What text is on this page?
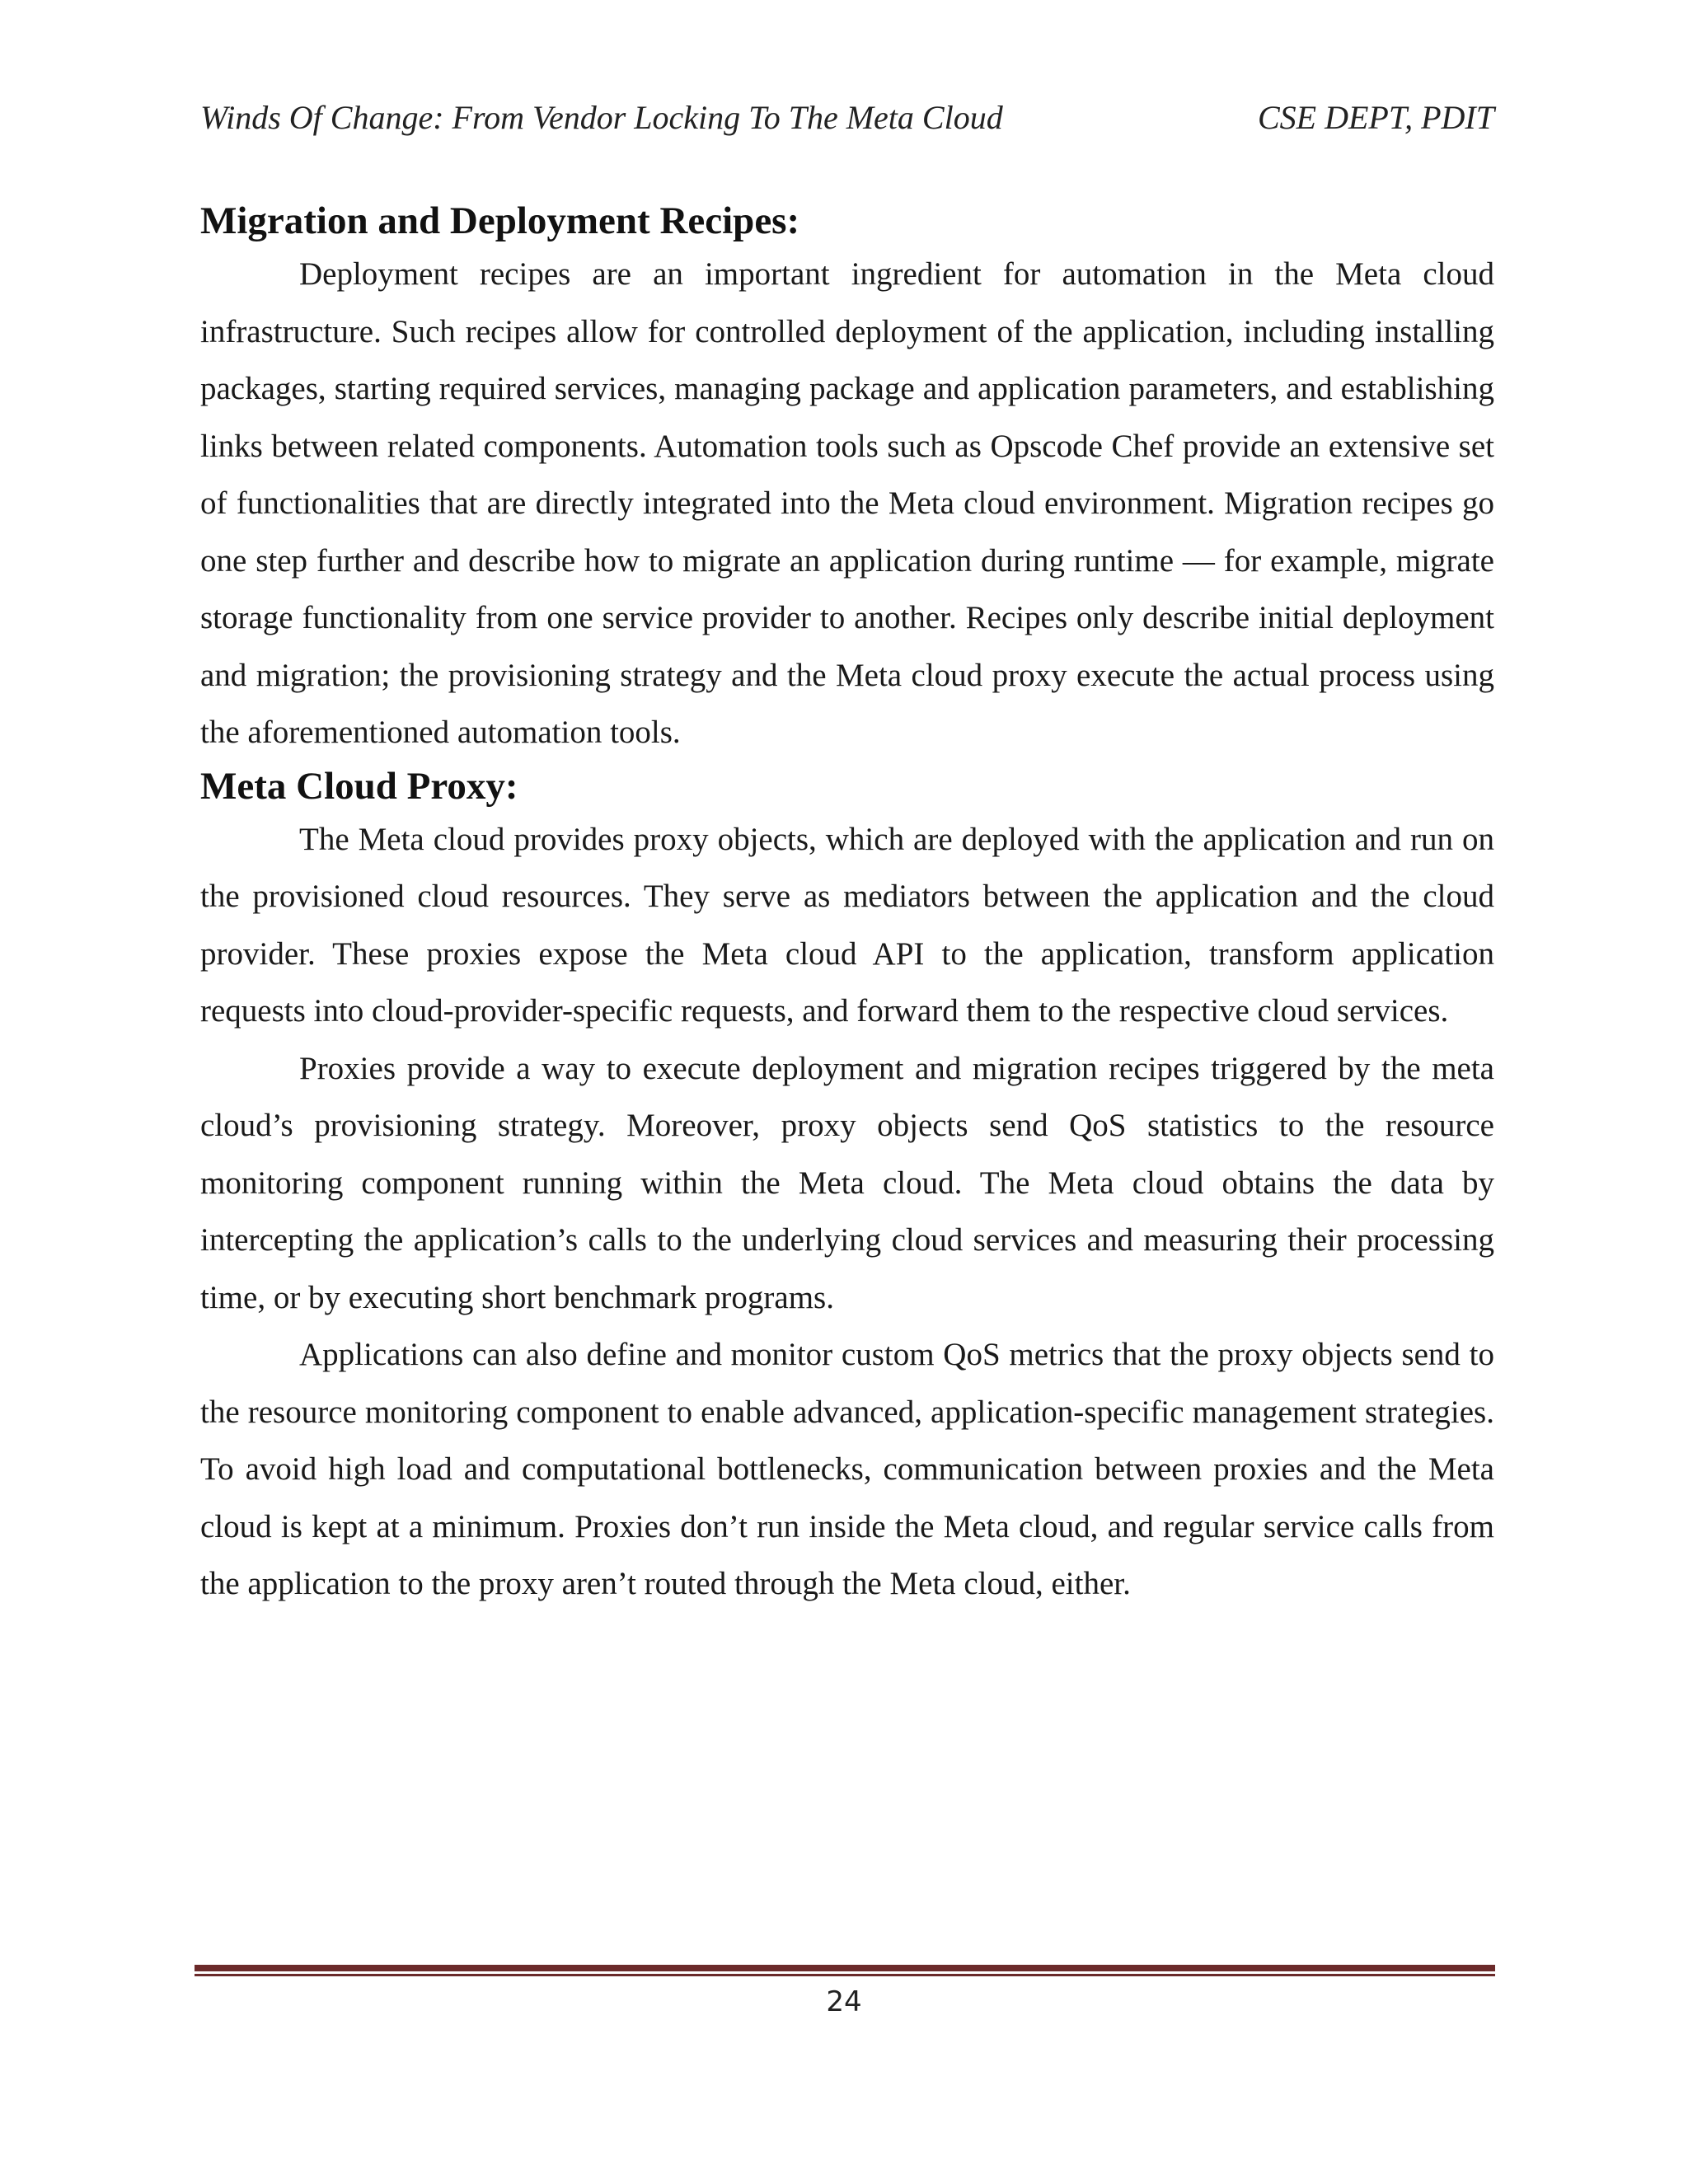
Winds Of Change: From Vendor Locking To The Meta Cloud	CSE DEPT, PDIT
Migration and Deployment Recipes:

Deployment recipes are an important ingredient for automation in the Meta cloud infrastructure. Such recipes allow for controlled deployment of the application, including installing packages, starting required services, managing package and application parameters, and establishing links between related components. Automation tools such as Opscode Chef provide an extensive set of functionalities that are directly integrated into the Meta cloud environment. Migration recipes go one step further and describe how to migrate an application during runtime — for example, migrate storage functionality from one service provider to another. Recipes only describe initial deployment and migration; the provisioning strategy and the Meta cloud proxy execute the actual process using the aforementioned automation tools.

Meta Cloud Proxy:

The Meta cloud provides proxy objects, which are deployed with the application and run on the provisioned cloud resources. They serve as mediators between the application and the cloud provider. These proxies expose the Meta cloud API to the application, transform application requests into cloud-provider-specific requests, and forward them to the respective cloud services.

Proxies provide a way to execute deployment and migration recipes triggered by the meta cloud’s provisioning strategy. Moreover, proxy objects send QoS statistics to the resource monitoring component running within the Meta cloud. The Meta cloud obtains the data by intercepting the application’s calls to the underlying cloud services and measuring their processing time, or by executing short benchmark programs.

Applications can also define and monitor custom QoS metrics that the proxy objects send to the resource monitoring component to enable advanced, application-specific management strategies. To avoid high load and computational bottlenecks, communication between proxies and the Meta cloud is kept at a minimum. Proxies don’t run inside the Meta cloud, and regular service calls from the application to the proxy aren’t routed through the Meta cloud, either.

24
